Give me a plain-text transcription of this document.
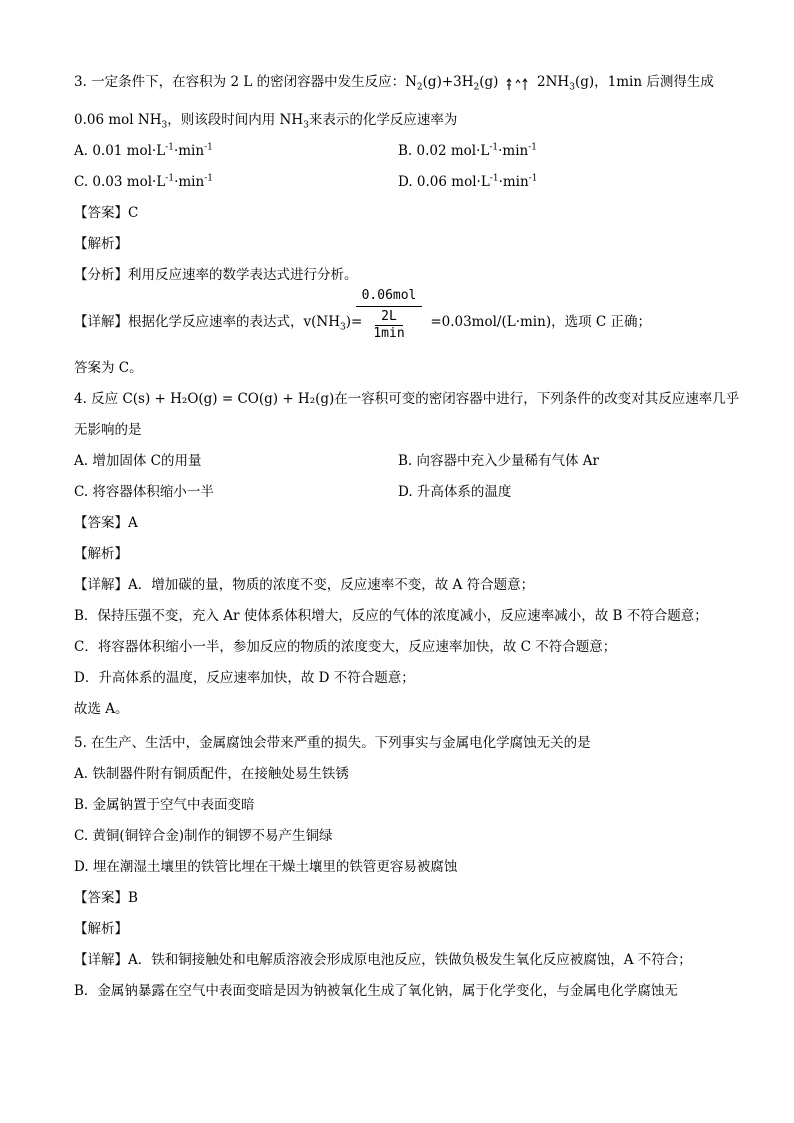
3. 一定条件下，在容积为 2 L 的密闭容器中发生反应：$N_2(g)+3H_2(g)$	$2NH_3(g)$，1min 后测得生成
0.06 mol $NH_3$，则该段时间内用 $NH_3$来表示的化学反应速率为
A. 0.01 $mol\cdot L^{-1}\cdot\min^{-1}$	B. 0.02 $mol\cdot L^{-1}\cdot\min^{-1}$
C. 0.03 $mol\cdot L^{-1}\cdot\min^{-1}$	D. 0.06 $mol\cdot L^{-1}\cdot\min^{-1}$
【答案】C
【解析】
【分析】利用反应速率的数学表达式进行分析。
【详解】根据化学反应速率的表达式，$v(NH_3)=$	=0.03mol/(L·min)，选项 C 正确；
0.06mol
2L
1min
答案为 C。
4. 反应 C(s) + H₂O(g) = CO(g) + H₂(g)在一容积可变的密闭容器中进行，下列条件的改变对其反应速率几乎
无影响的是
A. 增加固体 C的用量	B. 向容器中充入少量稀有气体 Ar
C. 将容器体积缩小一半	D. 升高体系的温度
【答案】A
【解析】
【详解】A．增加碳的量，物质的浓度不变，反应速率不变，故 A 符合题意；
B．保持压强不变，充入 Ar 使体系体积增大，反应的气体的浓度减小，反应速率减小，故 B 不符合题意；
C．将容器体积缩小一半，参加反应的物质的浓度变大，反应速率加快，故 C 不符合题意；
D．升高体系的温度，反应速率加快，故 D 不符合题意；
故选 A。
5. 在生产、生活中，金属腐蚀会带来严重的损失。下列事实与金属电化学腐蚀无关的是
A. 铁制器件附有铜质配件，在接触处易生铁锈
B. 金属钠置于空气中表面变暗
C. 黄铜(铜锌合金)制作的铜锣不易产生铜绿
D. 埋在潮湿土壤里的铁管比埋在干燥土壤里的铁管更容易被腐蚀
【答案】B
【解析】
【详解】A．铁和铜接触处和电解质溶液会形成原电池反应，铁做负极发生氧化反应被腐蚀，A 不符合；
B．金属钠暴露在空气中表面变暗是因为钠被氧化生成了氧化钠，属于化学变化，与金属电化学腐蚀无
